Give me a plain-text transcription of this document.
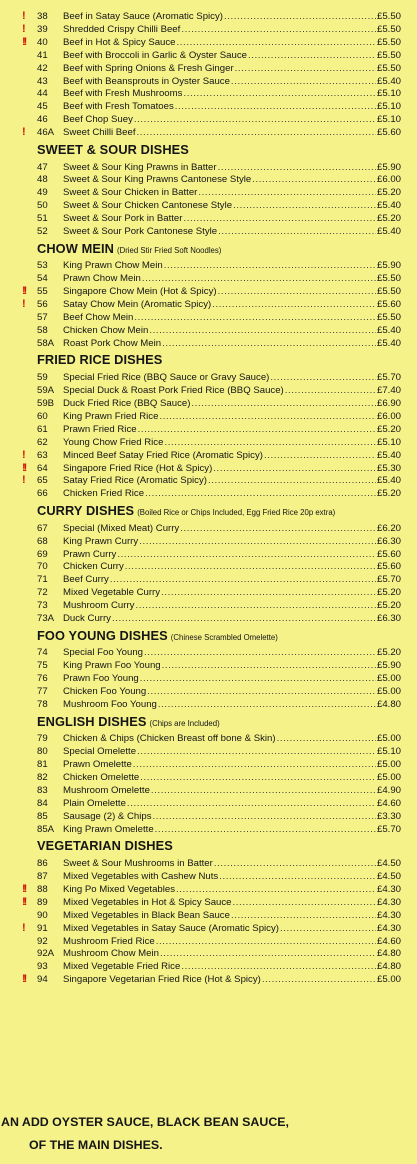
!	38	Beef in Satay Sauce (Aromatic Spicy) .....	£5.50
!	39	Shredded Crispy Chilli Beef .....	£5.50
!!	40	Beef in Hot & Spicy Sauce .....	£5.50
41	Beef with Broccoli in Garlic & Oyster Sauce .....	£5.50
42	Beef with Spring Onions & Fresh Ginger .....	£5.50
43	Beef with Beansprouts in Oyster Sauce .....	£5.40
44	Beef with Fresh Mushrooms .....	£5.10
45	Beef with Fresh Tomatoes .....	£5.10
46	Beef Chop Suey .....	£5.10
!	46A Sweet Chilli Beef .....	£5.60
SWEET & SOUR DISHES
47	Sweet & Sour King Prawns in Batter .....	£5.90
48	Sweet & Sour King Prawns Cantonese Style .....	£6.00
49	Sweet & Sour Chicken in Batter .....	£5.20
50	Sweet & Sour Chicken Cantonese Style .....	£5.40
51	Sweet & Sour Pork in Batter .....	£5.20
52	Sweet & Sour Pork Cantonese Style .....	£5.40
CHOW MEIN (Dried Stir Fried Soft Noodles)
53	King Prawn Chow Mein .....	£5.90
54	Prawn Chow Mein .....	£5.50
!!	55	Singapore Chow Mein (Hot & Spicy) .....	£5.50
!	56	Satay Chow Mein (Aromatic Spicy) .....	£5.60
57	Beef Chow Mein .....	£5.50
58	Chicken Chow Mein .....	£5.40
58A Roast Pork Chow Mein .....	£5.40
FRIED RICE DISHES
59	Special Fried Rice (BBQ Sauce or Gravy Sauce) .....	£5.70
59A Special Duck & Roast Pork Fried Rice (BBQ Sauce) .....	£7.40
59B Duck Fried Rice (BBQ Sauce) .....	£6.90
60	King Prawn Fried Rice .....	£6.00
61	Prawn Fried Rice .....	£5.20
62	Young Chow Fried Rice .....	£5.10
!	63	Minced Beef Satay Fried Rice (Aromatic Spicy) .....	£5.40
!!	64	Singapore Fried Rice (Hot & Spicy) .....	£5.30
!	65	Satay Fried Rice (Aromatic Spicy) .....	£5.40
66	Chicken Fried Rice .....	£5.20
CURRY DISHES (Boiled Rice or Chips Included, Egg Fried Rice 20p extra)
67	Special (Mixed Meat) Curry .....	£6.20
68	King Prawn Curry .....	£6.30
69	Prawn Curry .....	£5.60
70	Chicken Curry .....	£5.60
71	Beef Curry .....	£5.70
72	Mixed Vegetable Curry .....	£5.20
73	Mushroom Curry .....	£5.20
73A Duck Curry .....	£6.30
FOO YOUNG DISHES (Chinese Scrambled Omelette)
74	Special Foo Young .....	£5.20
75	King Prawn Foo Young .....	£5.90
76	Prawn Foo Young .....	£5.00
77	Chicken Foo Young .....	£5.00
78	Mushroom Foo Young .....	£4.80
ENGLISH DISHES (Chips are Included)
79	Chicken & Chips (Chicken Breast off bone & Skin) .....	£5.00
80	Special Omelette .....	£5.10
81	Prawn Omelette .....	£5.00
82	Chicken Omelette .....	£5.00
83	Mushroom Omelette .....	£4.90
84	Plain Omelette .....	£4.60
85	Sausage (2) & Chips .....	£3.30
85A King Prawn Omelette .....	£5.70
VEGETARIAN DISHES
86	Sweet & Sour Mushrooms in Batter .....	£4.50
87	Mixed Vegetables with Cashew Nuts .....	£4.50
!!	88	King Po Mixed Vegetables .....	£4.30
!!	89	Mixed Vegetables in Hot & Spicy Sauce .....	£4.30
90	Mixed Vegetables in Black Bean Sauce .....	£4.30
!	91	Mixed Vegetables in Satay Sauce (Aromatic Spicy) .....	£4.30
92	Mushroom Fried Rice .....	£4.60
92A Mushroom Chow Mein .....	£4.80
93	Mixed Vegetable Fried Rice .....	£4.80
!!	94	Singapore Vegetarian Fried Rice (Hot & Spicy) .....	£5.00
AN ADD OYSTER SAUCE, BLACK BEAN SAUCE,
OF THE MAIN DISHES.
